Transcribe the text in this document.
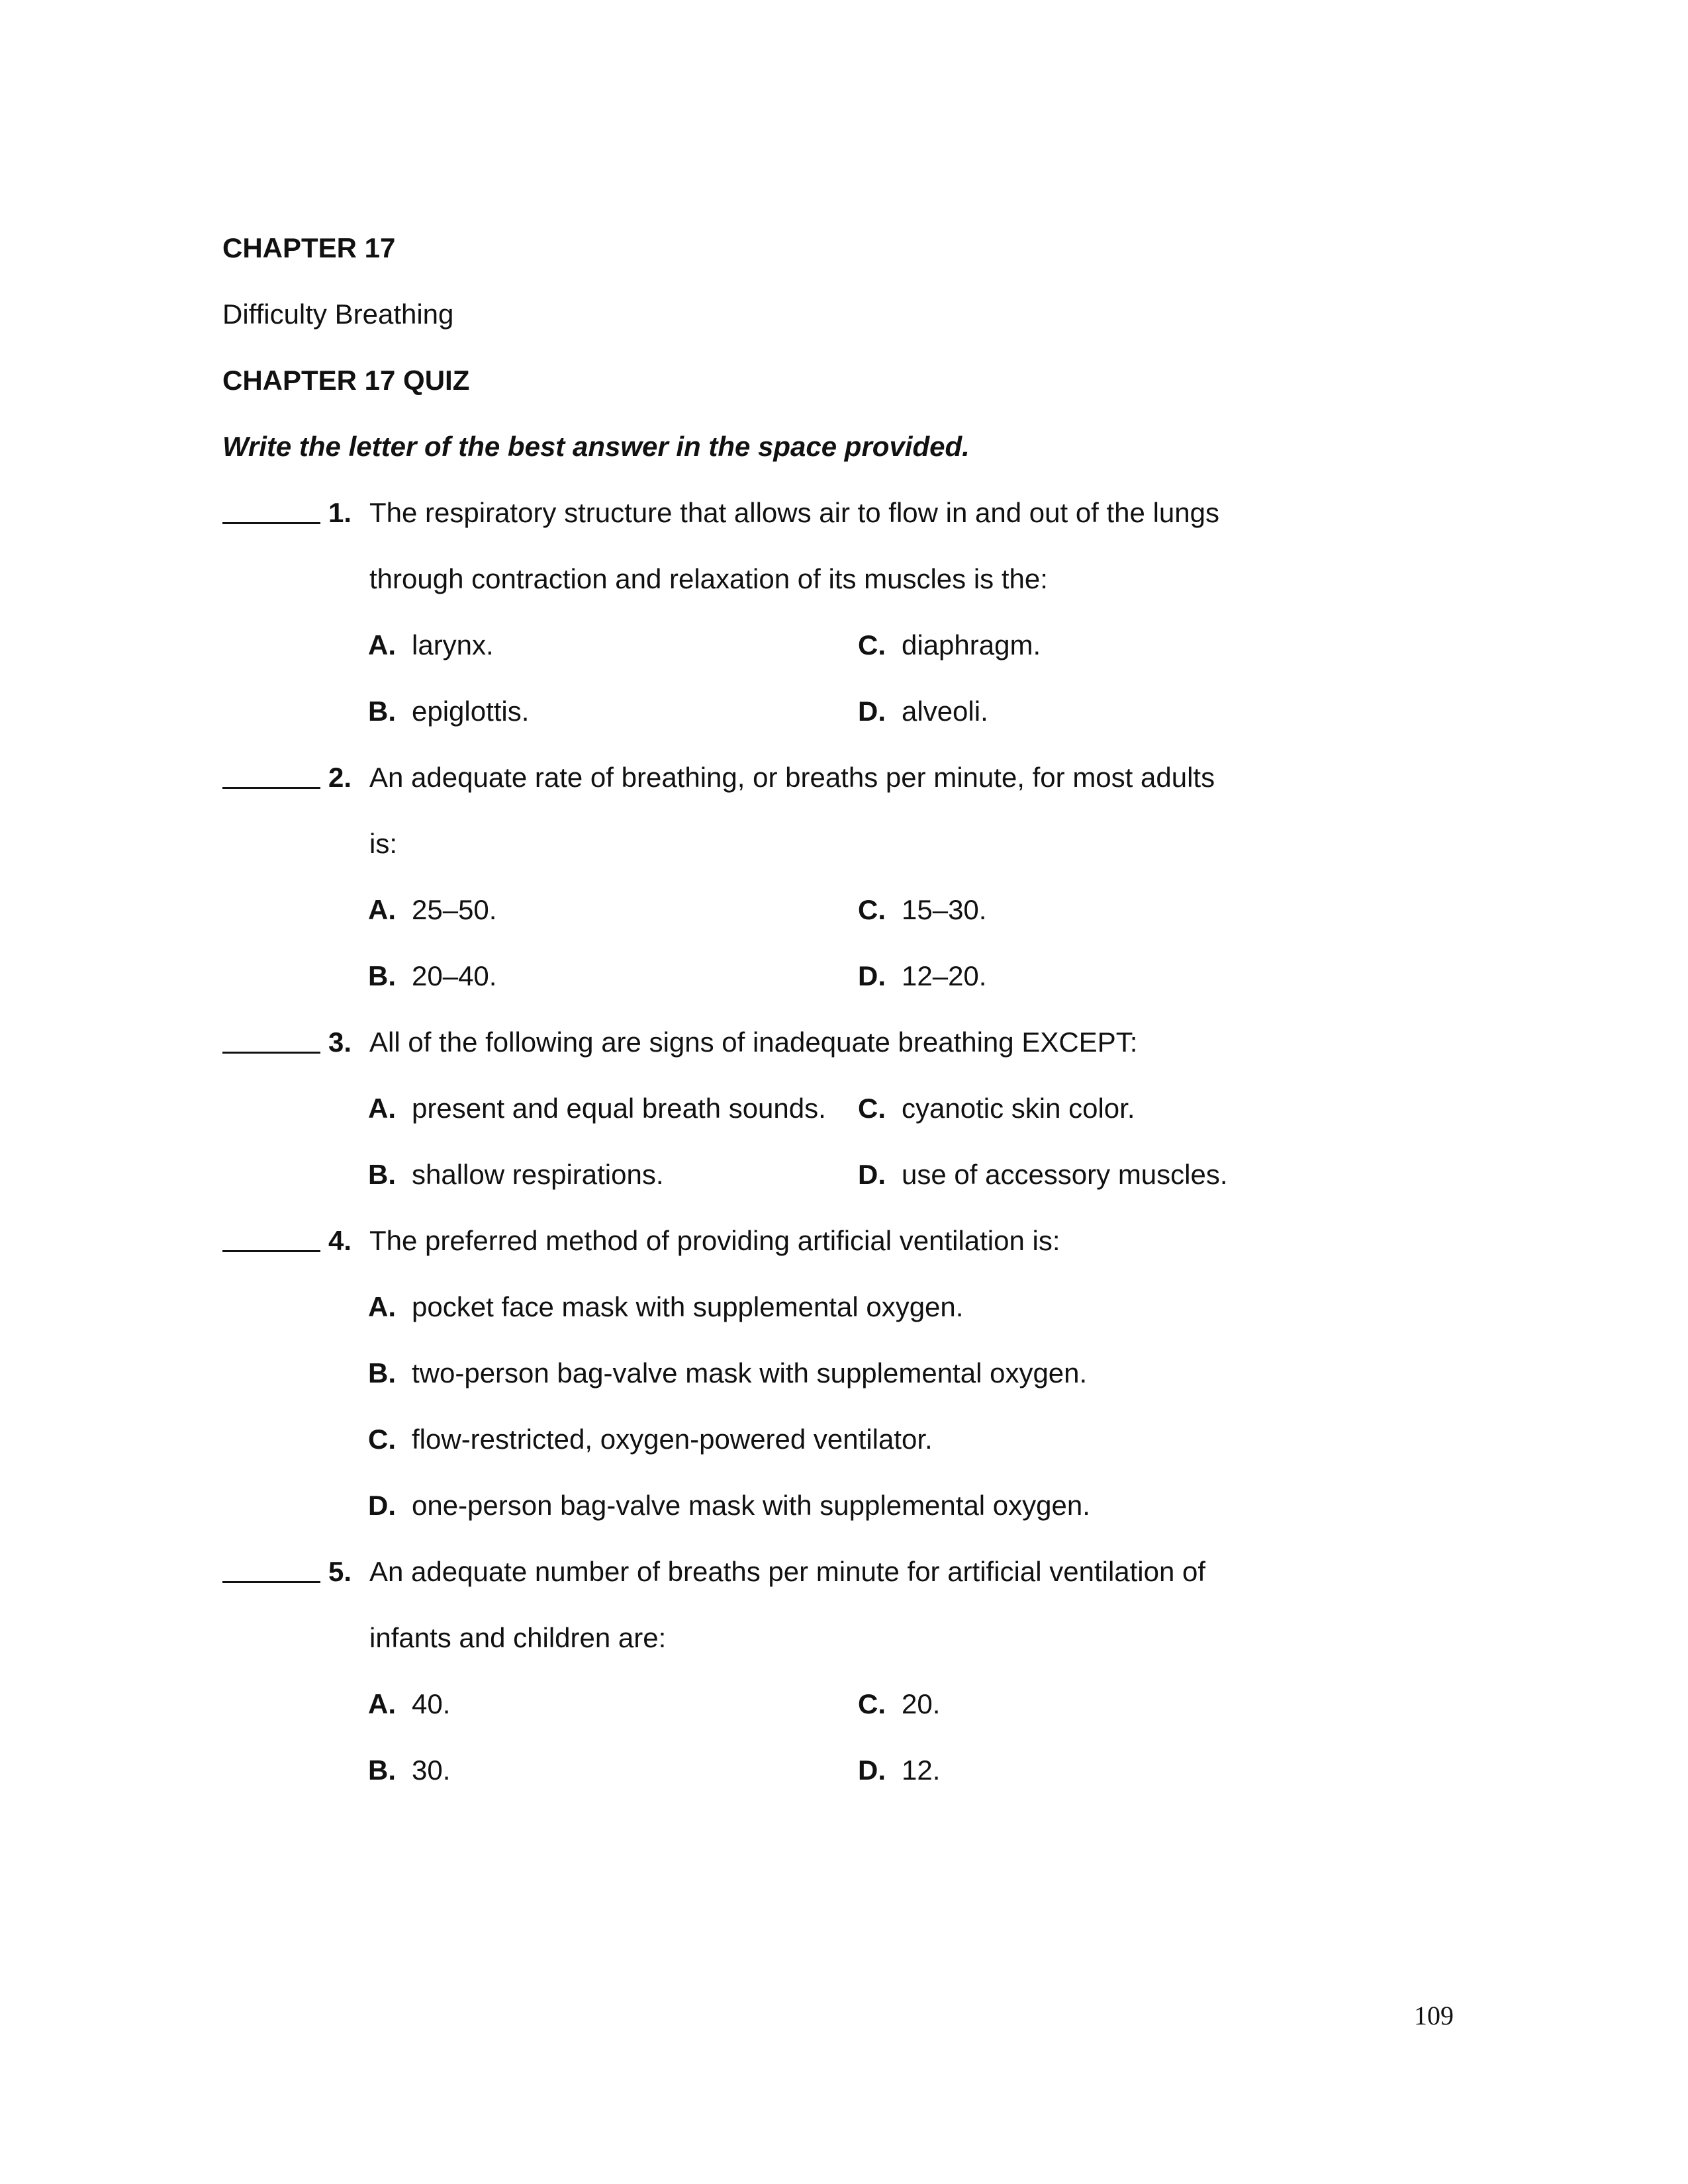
CHAPTER 17
Difficulty Breathing
CHAPTER 17 QUIZ
Write the letter of the best answer in the space provided.
1. The respiratory structure that allows air to flow in and out of the lungs
through contraction and relaxation of its muscles is the:
A. larynx.	C. diaphragm.
B. epiglottis.	D. alveoli.
2. An adequate rate of breathing, or breaths per minute, for most adults
is:
A. 25–50.	C. 15–30.
B. 20–40.	D. 12–20.
3. All of the following are signs of inadequate breathing EXCEPT:
A. present and equal breath sounds. C. cyanotic skin color.
B. shallow respirations.	D. use of accessory muscles.
4. The preferred method of providing artificial ventilation is:
A. pocket face mask with supplemental oxygen.
B. two-person bag-valve mask with supplemental oxygen.
C. flow-restricted, oxygen-powered ventilator.
D. one-person bag-valve mask with supplemental oxygen.
5. An adequate number of breaths per minute for artificial ventilation of
infants and children are:
A. 40.	C. 20.
B. 30.	D. 12.
109
